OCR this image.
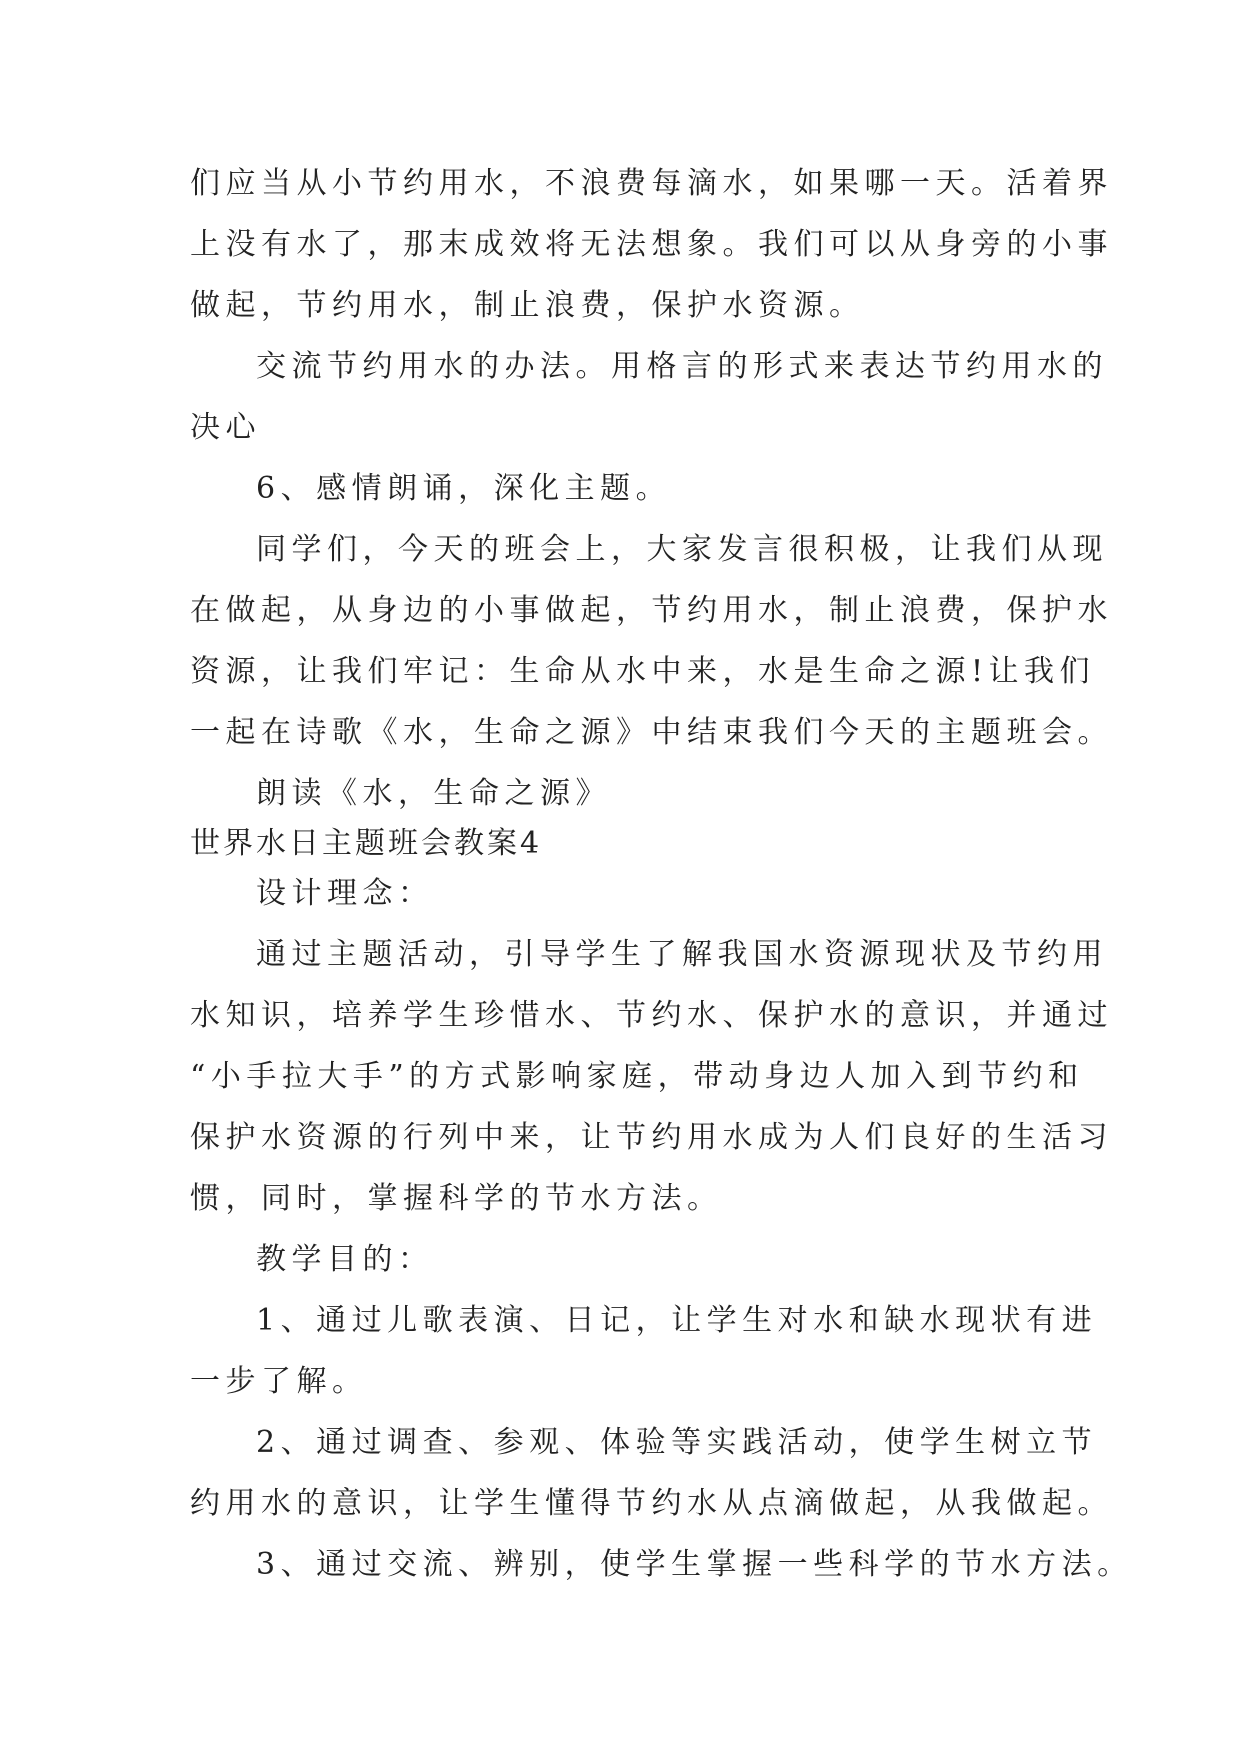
们应当从小节约用水，不浪费每滴水，如果哪一天。活着界

上没有水了，那末成效将无法想象。我们可以从身旁的小事

做起，节约用水，制止浪费，保护水资源。

交流节约用水的办法。用格言的形式来表达节约用水的

决心

6、感情朗诵，深化主题。

同学们，今天的班会上，大家发言很积极，让我们从现

在做起，从身边的小事做起，节约用水，制止浪费，保护水

资源，让我们牢记：生命从水中来，水是生命之源!让我们

一起在诗歌《水，生命之源》中结束我们今天的主题班会。

朗读《水，生命之源》

世界水日主题班会教案4

设计理念：

通过主题活动，引导学生了解我国水资源现状及节约用

水知识，培养学生珍惜水、节约水、保护水的意识，并通过

“小手拉大手”的方式影响家庭，带动身边人加入到节约和

保护水资源的行列中来，让节约用水成为人们良好的生活习

惯，同时，掌握科学的节水方法。

教学目的：

1、通过儿歌表演、日记，让学生对水和缺水现状有进

一步了解。

2、通过调查、参观、体验等实践活动，使学生树立节

约用水的意识，让学生懂得节约水从点滴做起，从我做起。

3、通过交流、辨别，使学生掌握一些科学的节水方法。
